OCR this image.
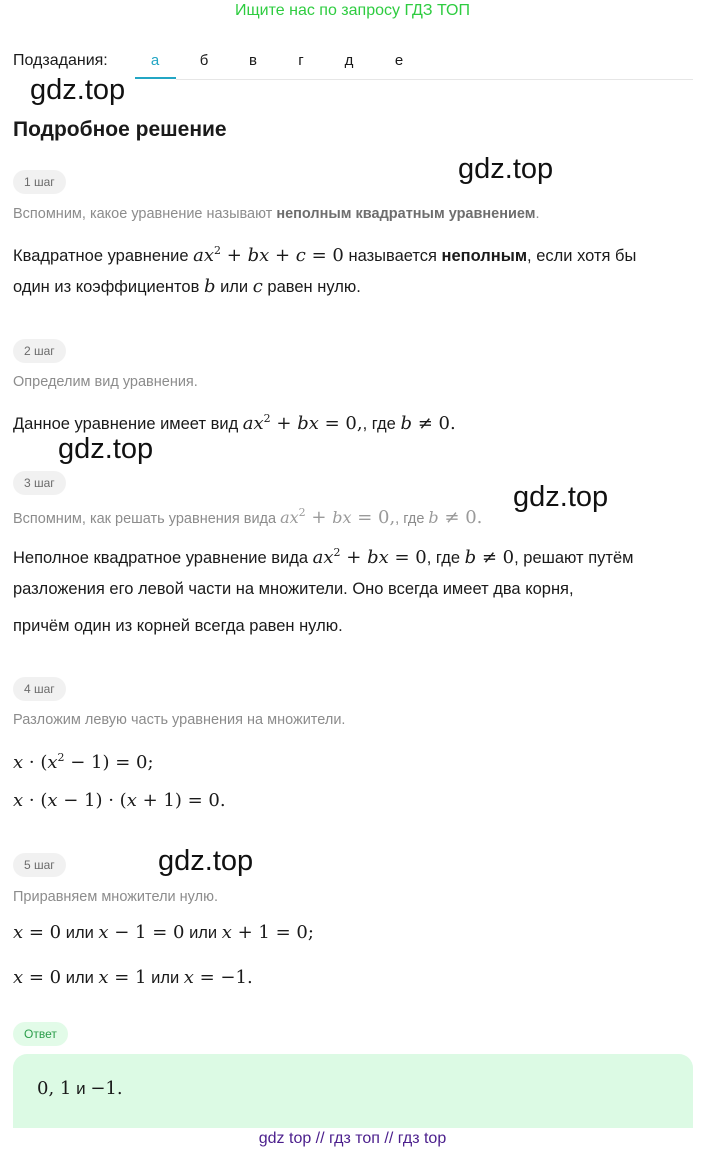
Ищите нас по запросу ГДЗ ТОП
Подзадания:	а	б	в	г	д	е
gdz.top
gdz.top
gdz.top
gdz.top
gdz.top
Подробное решение
1 шаг
Вспомним, какое уравнение называют неполным квадратным уравнением.
Квадратное уравнение $ax^2$ + bx + c = 0 называется неполным, если хотя бы
один из коэффициентов b или c равен нулю.
2 шаг
Определим вид уравнения.
Данное уравнение имеет вид $ax^2$ + bx = 0,, где b ≠ 0.
3 шаг
Вспомним, как решать уравнения вида $ax^2$ + bx = 0,, где b ≠ 0.
Неполное квадратное уравнение вида $ax^2$ + bx = 0, где b ≠ 0, решают путём
разложения его левой части на множители. Оно всегда имеет два корня,
причём один из корней всегда равен нулю.
4 шаг
Разложим левую часть уравнения на множители.
$x \cdot (x^2 - 1) = 0$;
x · (x − 1) · (x + 1) = 0.
5 шаг
Приравняем множители нулю.
x = 0 или x − 1 = 0 или x + 1 = 0;
x = 0 или x = 1 или x = −1.
Ответ
0, 1 и −1.
gdz top // гдз топ // гдз top
